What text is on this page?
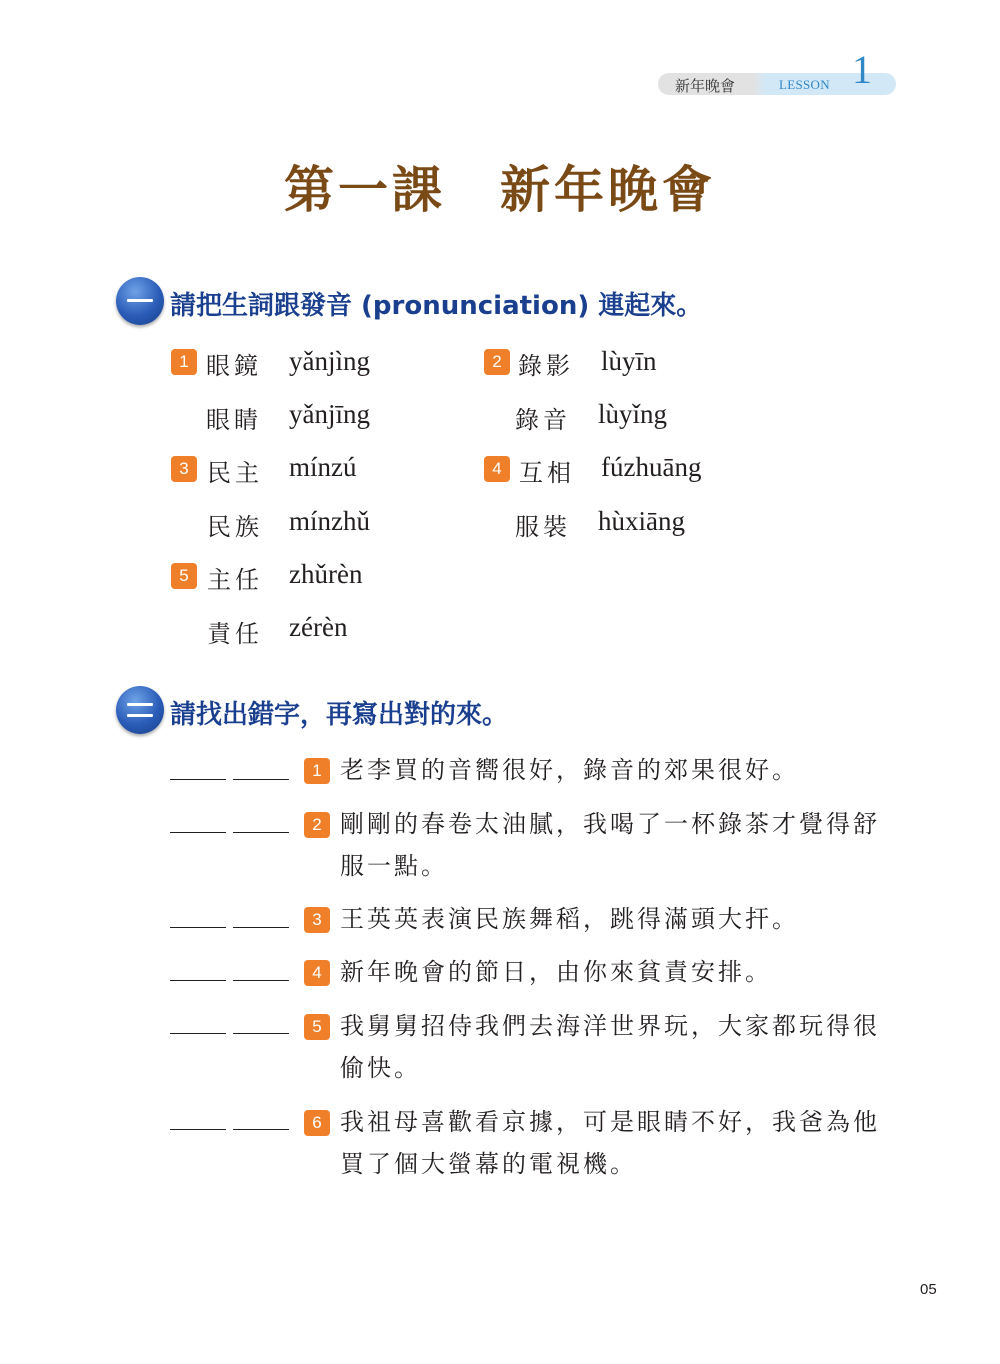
新年晚會	LESSON 1
第一課　新年晚會
請把生詞跟發音 (pronunciation) 連起來。
1 眼鏡 yǎnjìng
眼睛 yǎnjīng
2 錄影 lùyīn
錄音 lùyǐng
3 民主 mínzú
民族 mínzhǔ
4 互相 fúzhuāng
服裝 hùxiāng
5 主任 zhǔrèn
責任 zérèn
請找出錯字，再寫出對的來。
1 老李買的音嚮很好，錄音的郊果很好。
2 剛剛的春卷太油膩，我喝了一杯錄茶才覺得舒
服一點。
3 王英英表演民族舞稻，跳得滿頭大扞。
4 新年晚會的節日，由你來貧責安排。
5 我舅舅招侍我們去海洋世界玩，大家都玩得很
偷快。
6 我祖母喜歡看京據，可是眼睛不好，我爸為他
買了個大螢幕的電視機。
05
